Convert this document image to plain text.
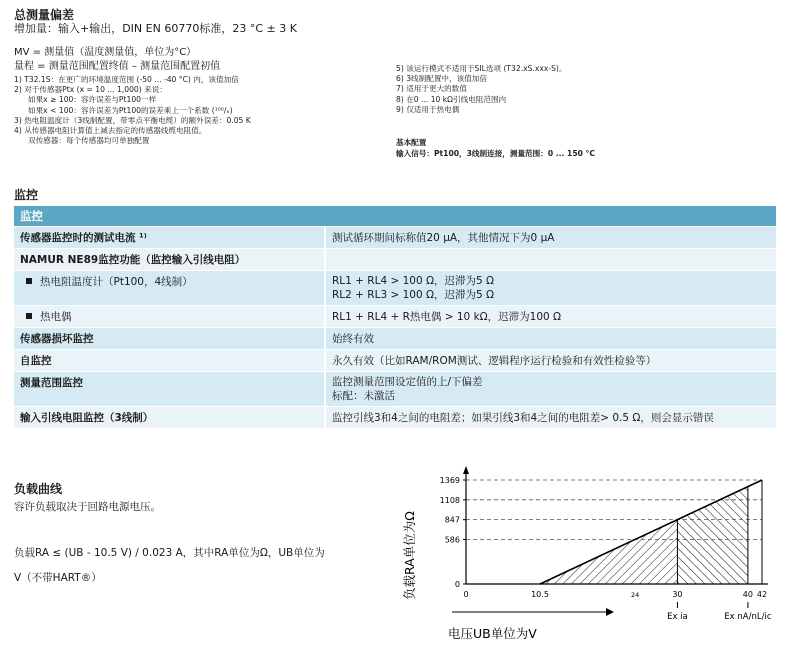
总测量偏差
增加量：输入+输出，DIN EN 60770标准，23 °C ± 3 K
MV = 测量值（温度测量值，单位为°C）
量程 = 测量范围配置终值 – 测量范围配置初值
1) T32.1S：在更广的环境温度范围 (-50 ... -40 °C) 内，该值加倍
2) 对于传感器Ptx (x = 10 ... 1,000) 来说：
如果x ≥ 100：容许误差与Pt100一样
如果x < 100：容许误差为Pt100的误差乘上一个系数 (¹⁰⁰/ₓ)
3) 热电阻温度计（3线制配置，带零点平衡电缆）的额外误差：0.05 K
4) 从传感器电阻计算值上减去指定的传感器线缆电阻值。
双传感器：每个传感器均可单独配置
5) 该运行模式不适用于SIL选项 (T32.xS.xxx-S)。
6) 3线制配置中，该值加倍
7) 适用于更大的数值
8) 在0 ... 10 kΩ引线电阻范围内
9) 仅适用于热电偶
基本配置
输入信号：Pt100，3线制连接，测量范围：0 ... 150 °C
监控
监控
传感器监控时的测试电流 ¹⁾	测试循环期间标称值20 μA，其他情况下为0 μA
NAMUR NE89监控功能（监控输入引线电阻）
热电阻温度计（Pt100，4线制）	RL1 + RL4 > 100 Ω，迟滞为5 Ω
RL2 + RL3 > 100 Ω，迟滞为5 Ω
热电偶	RL1 + RL4 + R热电偶 > 10 kΩ，迟滞为100 Ω
传感器损坏监控	始终有效
自监控	永久有效（比如RAM/ROM测试、逻辑程序运行检验和有效性检验等）
测量范围监控	监控测量范围设定值的上/下偏差
标配：未激活
输入引线电阻监控（3线制）	监控引线3和4之间的电阻差；如果引线3和4之间的电阻差> 0.5 Ω，则会显示错误
负载曲线
容许负载取决于回路电源电压。
负载RA ≤ (UB - 10.5 V) / 0.023 A，其中RA单位为Ω，UB单位为
V（不带HART®）
0
586
847
1108
1369
0	10.5	24	30	40 42
Ex ia	Ex nA/nL/ic
负载RA单位为Ω
电压UB单位为V
